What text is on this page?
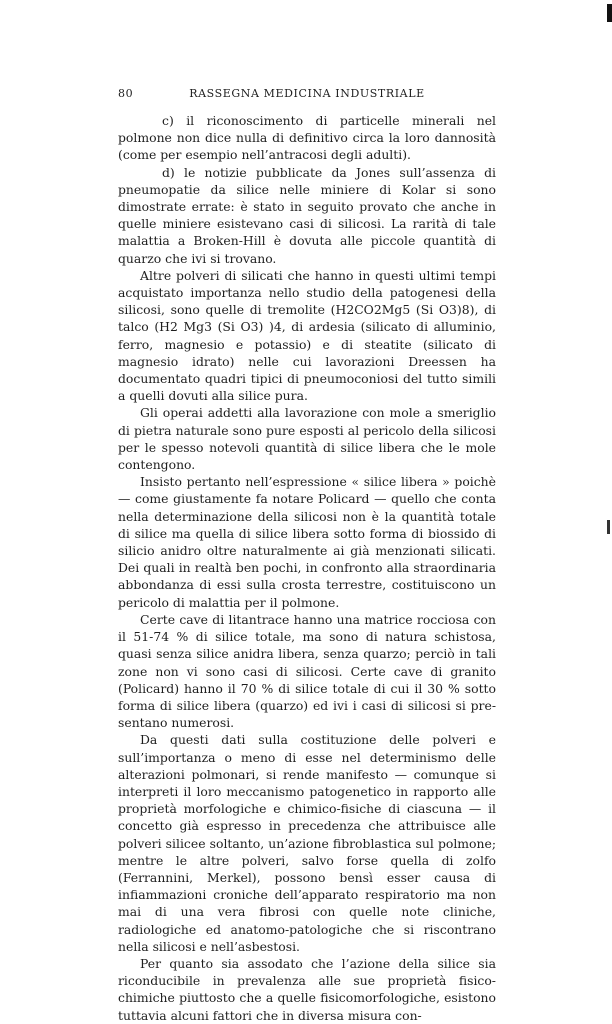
80	RASSEGNA MEDICINA INDUSTRIALE

c) il riconoscimento di particelle minerali nel polmone non dice nulla di definitivo circa la loro dannosità (come per esempio nell’antracosi degli adulti).

d) le notizie pubblicate da Jones sull’assenza di pneumopatie da silice nelle miniere di Kolar si sono dimostrate errate: è stato in seguito provato che anche in quelle miniere esistevano casi di silicosi. La rarità di tale malattia a Broken-Hill è dovuta alle piccole quantità di quarzo che ivi si trovano.

Altre polveri di silicati che hanno in questi ultimi tempi acquistato importanza nello studio della patogenesi della silicosi, sono quelle di tremolite (H2CO2Mg5 (Si O3)8), di talco (H2 Mg3 (Si O3) )4, di ardesia (silicato di alluminio, ferro, magnesio e potassio) e di steatite (silicato di magnesio idrato) nelle cui lavorazioni Dreessen ha documentato quadri tipici di pneumoconiosi del tutto simili a quelli dovuti alla silice pura.

Gli operai addetti alla lavorazione con mole a smeriglio di pietra naturale sono pure esposti al pericolo della silicosi per le spesso notevoli quantità di silice libera che le mole contengono.

Insisto pertanto nell’espressione « silice libera » poichè — come giustamente fa notare Policard — quello che conta nella determinazione della silicosi non è la quantità totale di silice ma quella di silice libera sotto forma di biossido di silicio anidro oltre naturalmente ai già menzionati silicati. Dei quali in realtà ben pochi, in confronto alla straordinaria abbondanza di essi sulla crosta terrestre, costituiscono un pericolo di malattia per il polmone.

Certe cave di litantrace hanno una matrice rocciosa con il 51-74 % di silice totale, ma sono di natura schistosa, quasi senza silice anidra libera, senza quarzo; perciò in tali zone non vi sono casi di silicosi. Certe cave di granito (Policard) hanno il 70 % di silice totale di cui il 30 % sotto forma di silice libera (quarzo) ed ivi i casi di silicosi si presentano numerosi.

Da questi dati sulla costituzione delle polveri e sull’importanza o meno di esse nel determinismo delle alterazioni polmonari, si rende manifesto — comunque si interpreti il loro meccanismo patogenetico in rapporto alle proprietà morfologiche e chimico-fisiche di ciascuna — il concetto già espresso in precedenza che attribuisce alle polveri silicee soltanto, un’azione fibroblastica sul polmone; mentre le altre polveri, salvo forse quella di zolfo (Ferrannini, Merkel), possono bensì esser causa di infiammazioni croniche dell’apparato respiratorio ma non mai di una vera fibrosi con quelle note cliniche, radiologiche ed anatomo-patologiche che si riscontrano nella silicosi e nell’asbestosi.

Per quanto sia assodato che l’azione della silice sia riconducibile in prevalenza alle sue proprietà fisico-chimiche piuttosto che a quelle fisicomorfologiche, esistono tuttavia alcuni fattori che in diversa misura con-
